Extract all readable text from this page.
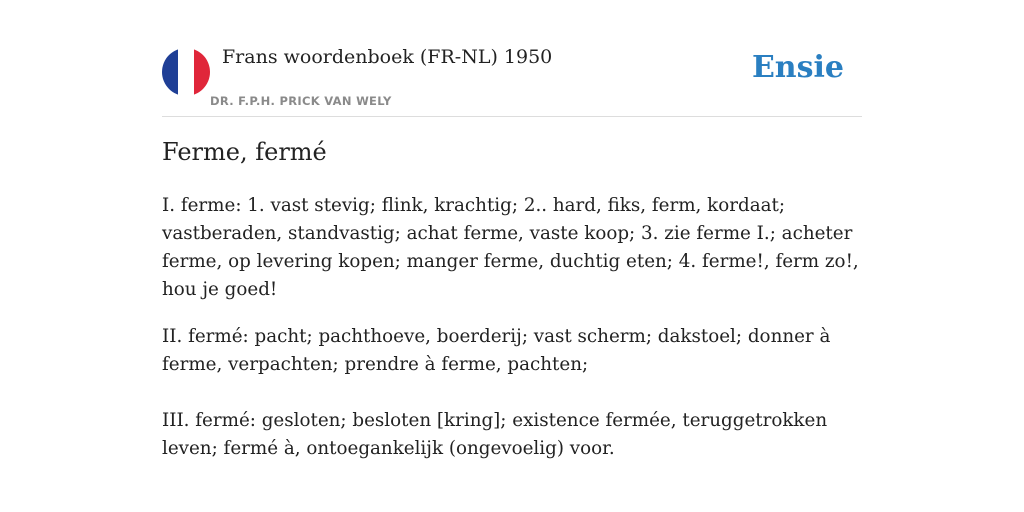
Frans woordenboek (FR-NL) 1950
DR. F.P.H. PRICK VAN WELY
Ensie
Ferme, fermé

I. ferme: 1. vast stevig; flink, krachtig; 2.. hard, fiks, ferm, kordaat; vastberaden, standvastig; achat ferme, vaste koop; 3. zie ferme I.; acheter ferme, op levering kopen; manger ferme, duchtig eten; 4. ferme!, ferm zo!, hou je goed!

II. fermé: pacht; pachthoeve, boerderij; vast scherm; dakstoel; donner à ferme, verpachten; prendre à ferme, pachten;

III. fermé: gesloten; besloten [kring]; existence fermée, teruggetrokken leven; fermé à, ontoegankelijk (ongevoelig) voor.
